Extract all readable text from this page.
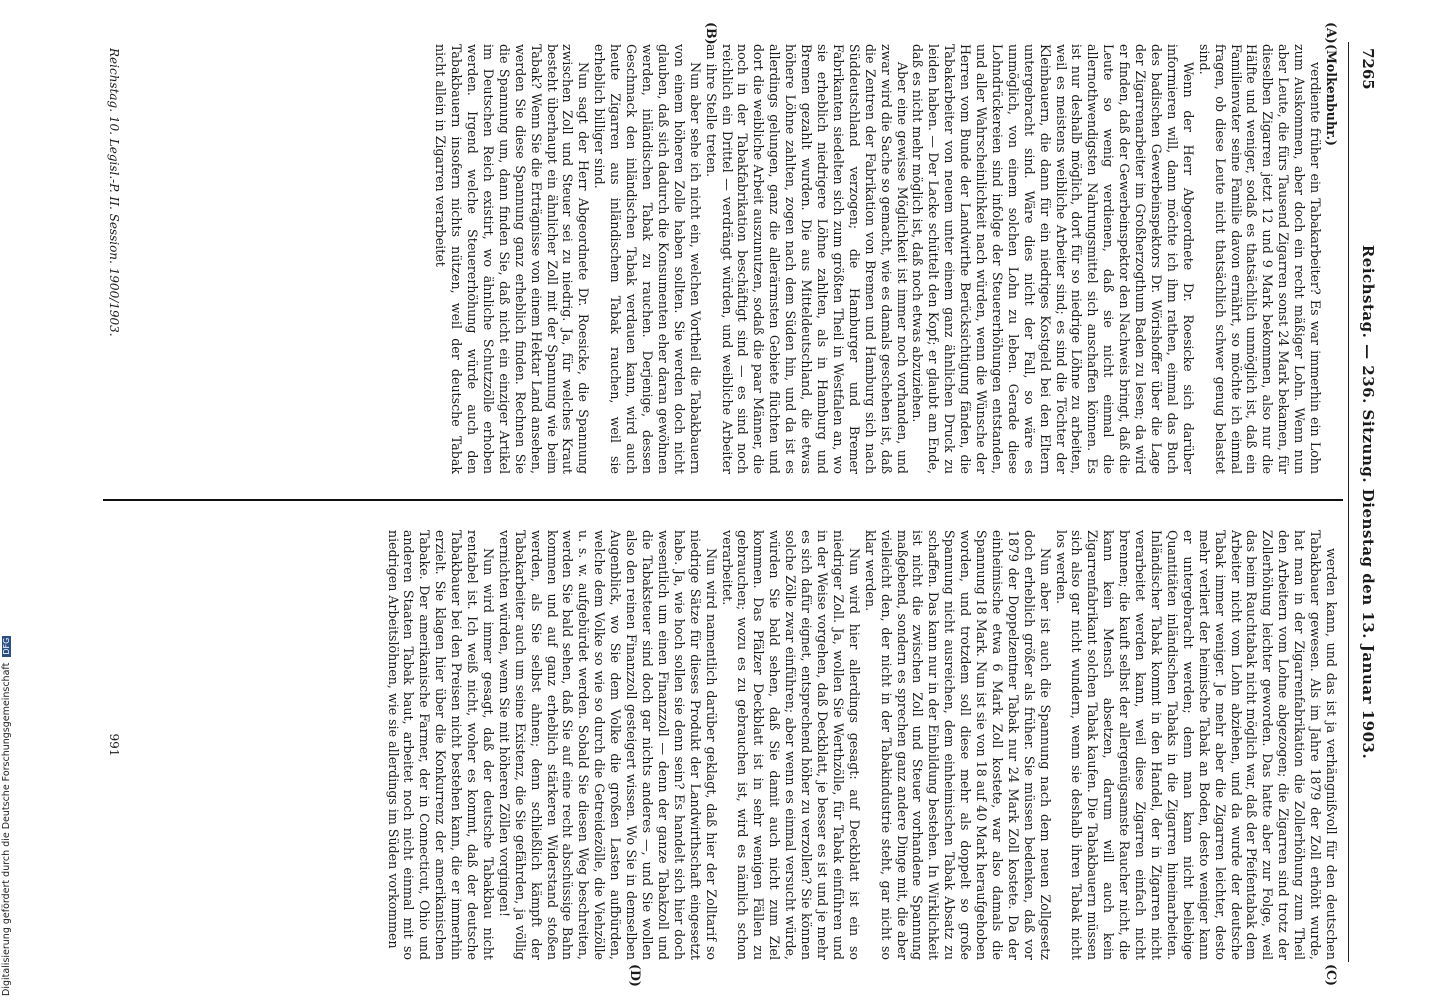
7265
Reichstag. — 236. Sitzung. Dienstag den 13. Januar 1903.
(A)
(B)
(C)
(D)

(Molkenbuhr.)

verdiente früher ein Tabakarbeiter? Es war immerhin ein Lohn zum Auskommen, aber doch ein recht mäßiger Lohn. Wenn nun aber Leute, die fürs Tausend Zigarren sonst 24 Mark bekamen, für dieselben Zigarren jetzt 12 und 9 Mark bekommen, also nur die Hälfte und weniger, sodaß es thatsächlich unmöglich ist, daß ein Familienvater seine Familie davon ernährt, so möchte ich einmal fragen, ob diese Leute nicht thatsächlich schwer genug belastet sind.

Wenn der Herr Abgeordnete Dr. Roesicke sich darüber informieren will, dann möchte ich ihm rathen, einmal das Buch des badischen Gewerbeinspektors Dr. Wörishoffer über die Lage der Zigarrenarbeiter im Großherzogthum Baden zu lesen; da wird er finden, daß der Gewerbeinspektor den Nachweis bringt, daß die Leute so wenig verdienen, daß sie nicht einmal die allernothwendigsten Nahrungsmittel sich anschaffen können. Es ist nur deshalb möglich, dort für so niedrige Löhne zu arbeiten, weil es meistens weibliche Arbeiter sind; es sind die Töchter der Kleinbauern, die dann für ein niedriges Kostgeld bei den Eltern untergebracht sind. Wäre dies nicht der Fall, so wäre es unmöglich, von einem solchen Lohn zu leben. Gerade diese Lohndrückereien sind infolge der Steuererhöhungen entstanden, und aller Wahrscheinlichkeit nach würden, wenn die Wünsche der Herren vom Bunde der Landwirthe Berücksichtigung fänden, die Tabakarbeiter von neuem unter einem ganz ähnlichen Druck zu leiden haben. — Der Lacke schüttelt den Kopf; er glaubt am Ende, daß es nicht mehr möglich ist, daß noch etwas abzuziehen.

Aber eine gewisse Möglichkeit ist immer noch vorhanden, und zwar wird die Sache so gemacht, wie es damals geschehen ist, daß die Zentren der Fabrikation von Bremen und Hamburg sich nach Süddeutschland verzogen; die Hamburger und Bremer Fabrikanten siedelten sich zum größten Theil in Westfalen an, wo sie erheblich niedrigere Löhne zahlten, als in Hamburg und Bremen gezahlt wurden. Die aus Mitteldeutschland, die etwas höhere Löhne zahlten, zogen nach dem Süden hin, und da ist es allerdings gelungen, ganz die allerärmsten Gebiete flüchten und dort die weibliche Arbeit auszunutzen, sodaß die paar Männer, die noch in der Tabakfabrikation beschäftigt sind — es sind noch reichlich ein Drittel — verdrängt würden, und weibliche Arbeiter an ihre Stelle treten.

Nun aber sehe ich nicht ein, welchen Vortheil die Tabakbauern von einem höheren Zolle haben sollten. Sie werden doch nicht glauben, daß sich dadurch die Konsumenten eher daran gewöhnen werden, inländischen Tabak zu rauchen. Derjenige, dessen Geschmack den inländischen Tabak verdauen kann, wird auch heute Zigarren aus inländischem Tabak rauchen, weil sie erheblich billiger sind.

Nun sagt der Herr Abgeordnete Dr. Roesicke, die Spannung zwischen Zoll und Steuer sei zu niedrig. Ja, für welches Kraut besteht überhaupt ein ähnlicher Zoll mit der Spannung wie beim Tabak? Wenn Sie die Erträgnisse von einem Hektar Land ansehen, werden Sie diese Spannung ganz erheblich finden. Rechnen Sie die Spannung um, dann finden Sie, daß nicht ein einziger Artikel im Deutschen Reich existirt, wo ähnliche Schutzzölle erhoben werden. Irgend welche Steuererhöhung würde auch den Tabakbauern insofern nichts nützen, weil der deutsche Tabak nicht allein in Zigarren verarbeitet

werden kann, und das ist ja verhängnißvoll für den deutschen Tabakbauer gewesen. Als im Jahre 1879 der Zoll erhöht wurde, hat man in der Zigarrenfabrikation die Zollerhöhung zum Theil den Arbeitern vom Lohne abgezogen; die Zigarren sind trotz der Zollerhöhung leichter geworden. Das hatte aber zur Folge, weil das beim Rauchtabak nicht möglich war, daß der Pfeifentabak dem Arbeiter nicht vom Lohn abziehen, und da wurde der deutsche Tabak immer weniger. Je mehr aber die Zigarren leichter, desto mehr verliert der heimische Tabak an Boden, desto weniger kann er untergebracht werden; denn man kann nicht beliebige Quantitäten inländischen Tabaks in die Zigarren hineinarbeiten. Inländischer Tabak kommt in den Handel, der in Zigarren nicht verarbeitet werden kann, weil diese Zigarren einfach nicht brennen; die kauft selbst der allergenügsamste Raucher nicht, die kann kein Mensch absetzen, darum will auch kein Zigarrenfabrikant solchen Tabak kaufen. Die Tabakbauern müssen sich also gar nicht wundern, wenn sie deshalb ihren Tabak nicht los werden.

Nun aber ist auch die Spannung nach dem neuen Zollgesetz doch erheblich größer als früher. Sie müssen bedenken, daß vor 1879 der Doppelzentner Tabak nur 24 Mark Zoll kostete. Da der einheimische etwa 6 Mark Zoll kostete, war also damals die Spannung 18 Mark. Nun ist sie von 18 auf 40 Mark heraufgehoben worden, und trotzdem soll diese mehr als doppelt so große Spannung nicht ausreichen, dem einheimischen Tabak Absatz zu schaffen. Das kann nur in der Einbildung bestehen. In Wirklichkeit ist nicht die zwischen Zoll und Steuer vorhandene Spannung maßgebend, sondern es sprechen ganz andere Dinge mit, die aber vielleicht den, der nicht in der Tabakindustrie steht, gar nicht so klar werden.

Nun wird hier allerdings gesagt: auf Deckblatt ist ein so niedriger Zoll. Ja, wollen Sie Werthzölle, für Tabak einführen und in der Weise vorgehen, daß Deckblatt, je besser es ist und je mehr es sich dafür eignet, entsprechend höher zu verzollen? Sie können solche Zölle zwar einführen; aber wenn es einmal versucht würde, würden Sie bald sehen, daß Sie damit auch nicht zum Ziel kommen. Das Pfälzer Deckblatt ist in sehr wenigen Fällen zu gebrauchen; wozu es zu gebrauchen ist, wird es nämlich schon verarbeitet.

Nun wird namentlich darüber geklagt, daß hier der Zolltarif so niedrige Sätze für dieses Produkt der Landwirthschaft eingesetzt habe. Ja, wie hoch sollen sie denn sein? Es handelt sich hier doch wesentlich um einen Finanzzoll — denn der ganze Tabakzoll und die Tabaksteuer sind doch gar nichts anderes —, und Sie wollen also den reinen Finanzzoll gesteigert wissen. Wo Sie in demselben Augenblick, wo Sie dem Volke die großen Lasten aufbürden, welche dem Volke so wie so durch die Getreidezölle, die Viehzölle u. s. w. aufgebürdet werden. Sobald Sie diesen Weg beschreiten, werden Sie bald sehen, daß Sie auf eine recht abschüssige Bahn kommen und auf ganz erheblich stärkeren Widerstand stoßen werden, als Sie selbst ahnen; denn schließlich kämpft der Tabakarbeiter auch um seine Existenz, die Sie gefährden, ja völlig vernichten würden, wenn Sie mit höheren Zöllen vorgingen!

Nun wird immer gesagt, daß der deutsche Tabakbau nicht rentabel ist. Ich weiß nicht, woher es kommt, daß der deutsche Tabakbauer bei den Preisen nicht bestehen kann, die er immerhin erzielt. Sie klagen hier über die Konkurrenz der amerikanischen Tabake. Der amerikanische Farmer, der in Connecticut, Ohio und anderen Staaten Tabak baut, arbeitet noch nicht einmal mit so niedrigen Arbeitslöhnen, wie sie allerdings im Süden vorkommen

Reichstag. 10. Legisl.-P. II. Session. 1900/1903.
991
Digitalisierung gefördert durch die Deutsche Forschungsgemeinschaft DFG
